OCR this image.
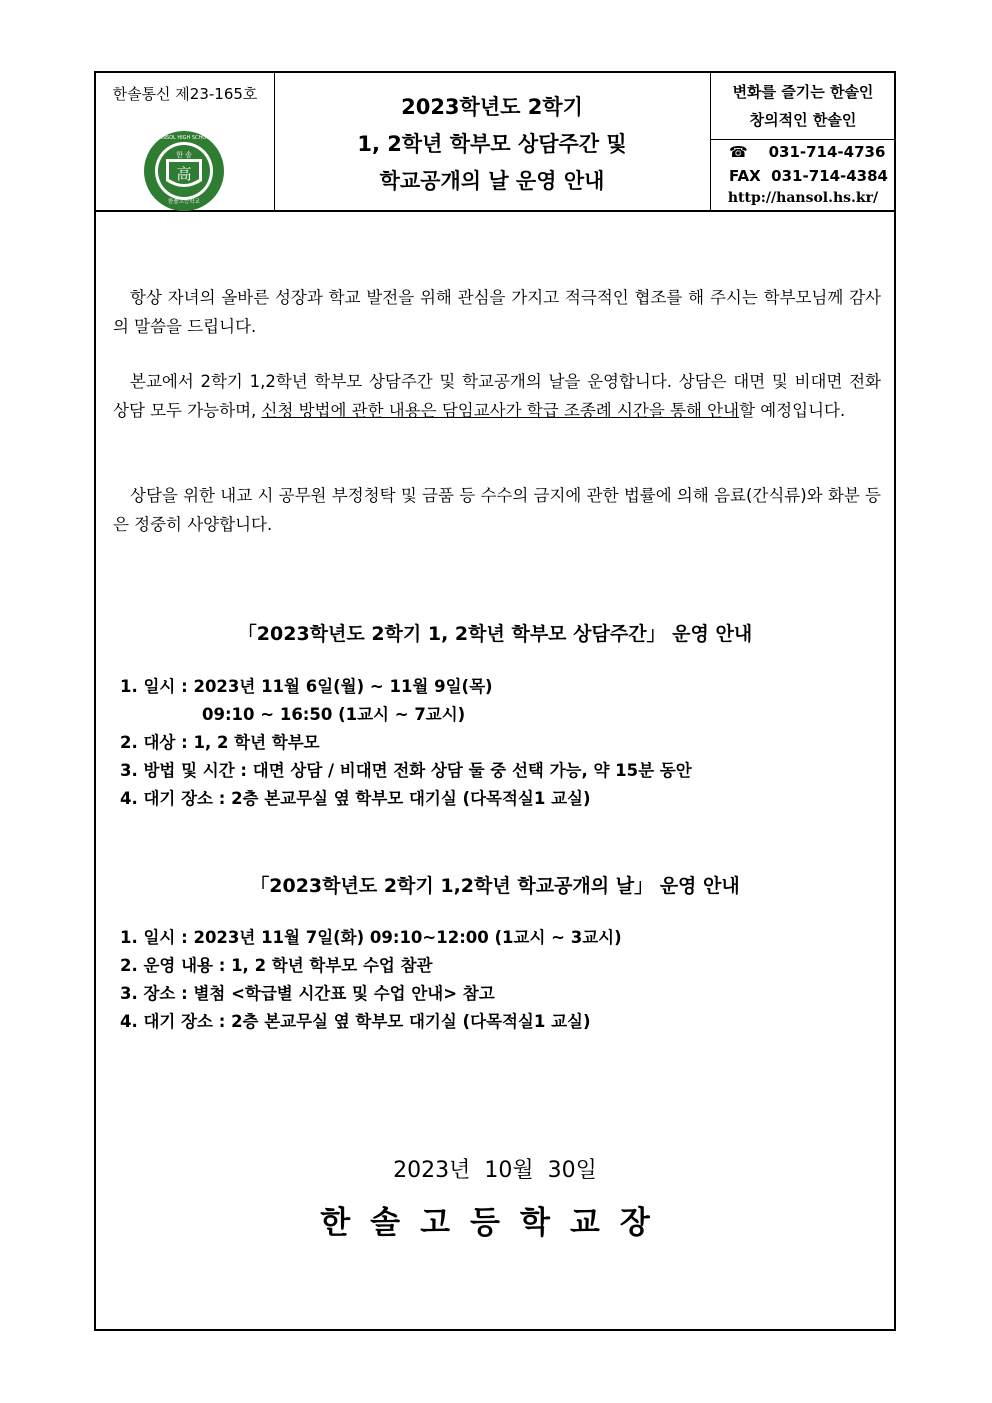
한솔통신 제23-165호
한 솔
高
한솔고등학교
HANSOL HIGH SCHOOL
2023학년도 2학기
1, 2학년 학부모 상담주간 및
학교공개의 날 운영 안내
변화를 즐기는 한솔인
창의적인 한솔인
☎ 031-714-4736
FAX 031-714-4384
http://hansol.hs.kr/
항상 자녀의 올바른 성장과 학교 발전을 위해 관심을 가지고 적극적인 협조를 해 주시는 학부모님께 감사의 말씀을 드립니다.
본교에서 2학기 1,2학년 학부모 상담주간 및 학교공개의 날을 운영합니다. 상담은 대면 및 비대면 전화 상담 모두 가능하며, 신청 방법에 관한 내용은 담임교사가 학급 조종례 시간을 통해 안내할 예정입니다.
상담을 위한 내교 시 공무원 부정청탁 및 금품 등 수수의 금지에 관한 법률에 의해 음료(간식류)와 화분 등은 정중히 사양합니다.
「2023학년도 2학기 1, 2학년 학부모 상담주간」 운영 안내
1. 일시 : 2023년 11월 6일(월) ~ 11월 9일(목)
09:10 ~ 16:50 (1교시 ~ 7교시)
2. 대상 : 1, 2 학년 학부모
3. 방법 및 시간 : 대면 상담 / 비대면 전화 상담 둘 중 선택 가능, 약 15분 동안
4. 대기 장소 : 2층 본교무실 옆 학부모 대기실 (다목적실1 교실)
「2023학년도 2학기 1,2학년 학교공개의 날」 운영 안내
1. 일시 : 2023년 11월 7일(화) 09:10~12:00 (1교시 ~ 3교시)
2. 운영 내용 : 1, 2 학년 학부모 수업 참관
3. 장소 : 별첨 <학급별 시간표 및 수업 안내> 참고
4. 대기 장소 : 2층 본교무실 옆 학부모 대기실 (다목적실1 교실)
2023년  10월  30일
한솔고등학교장
